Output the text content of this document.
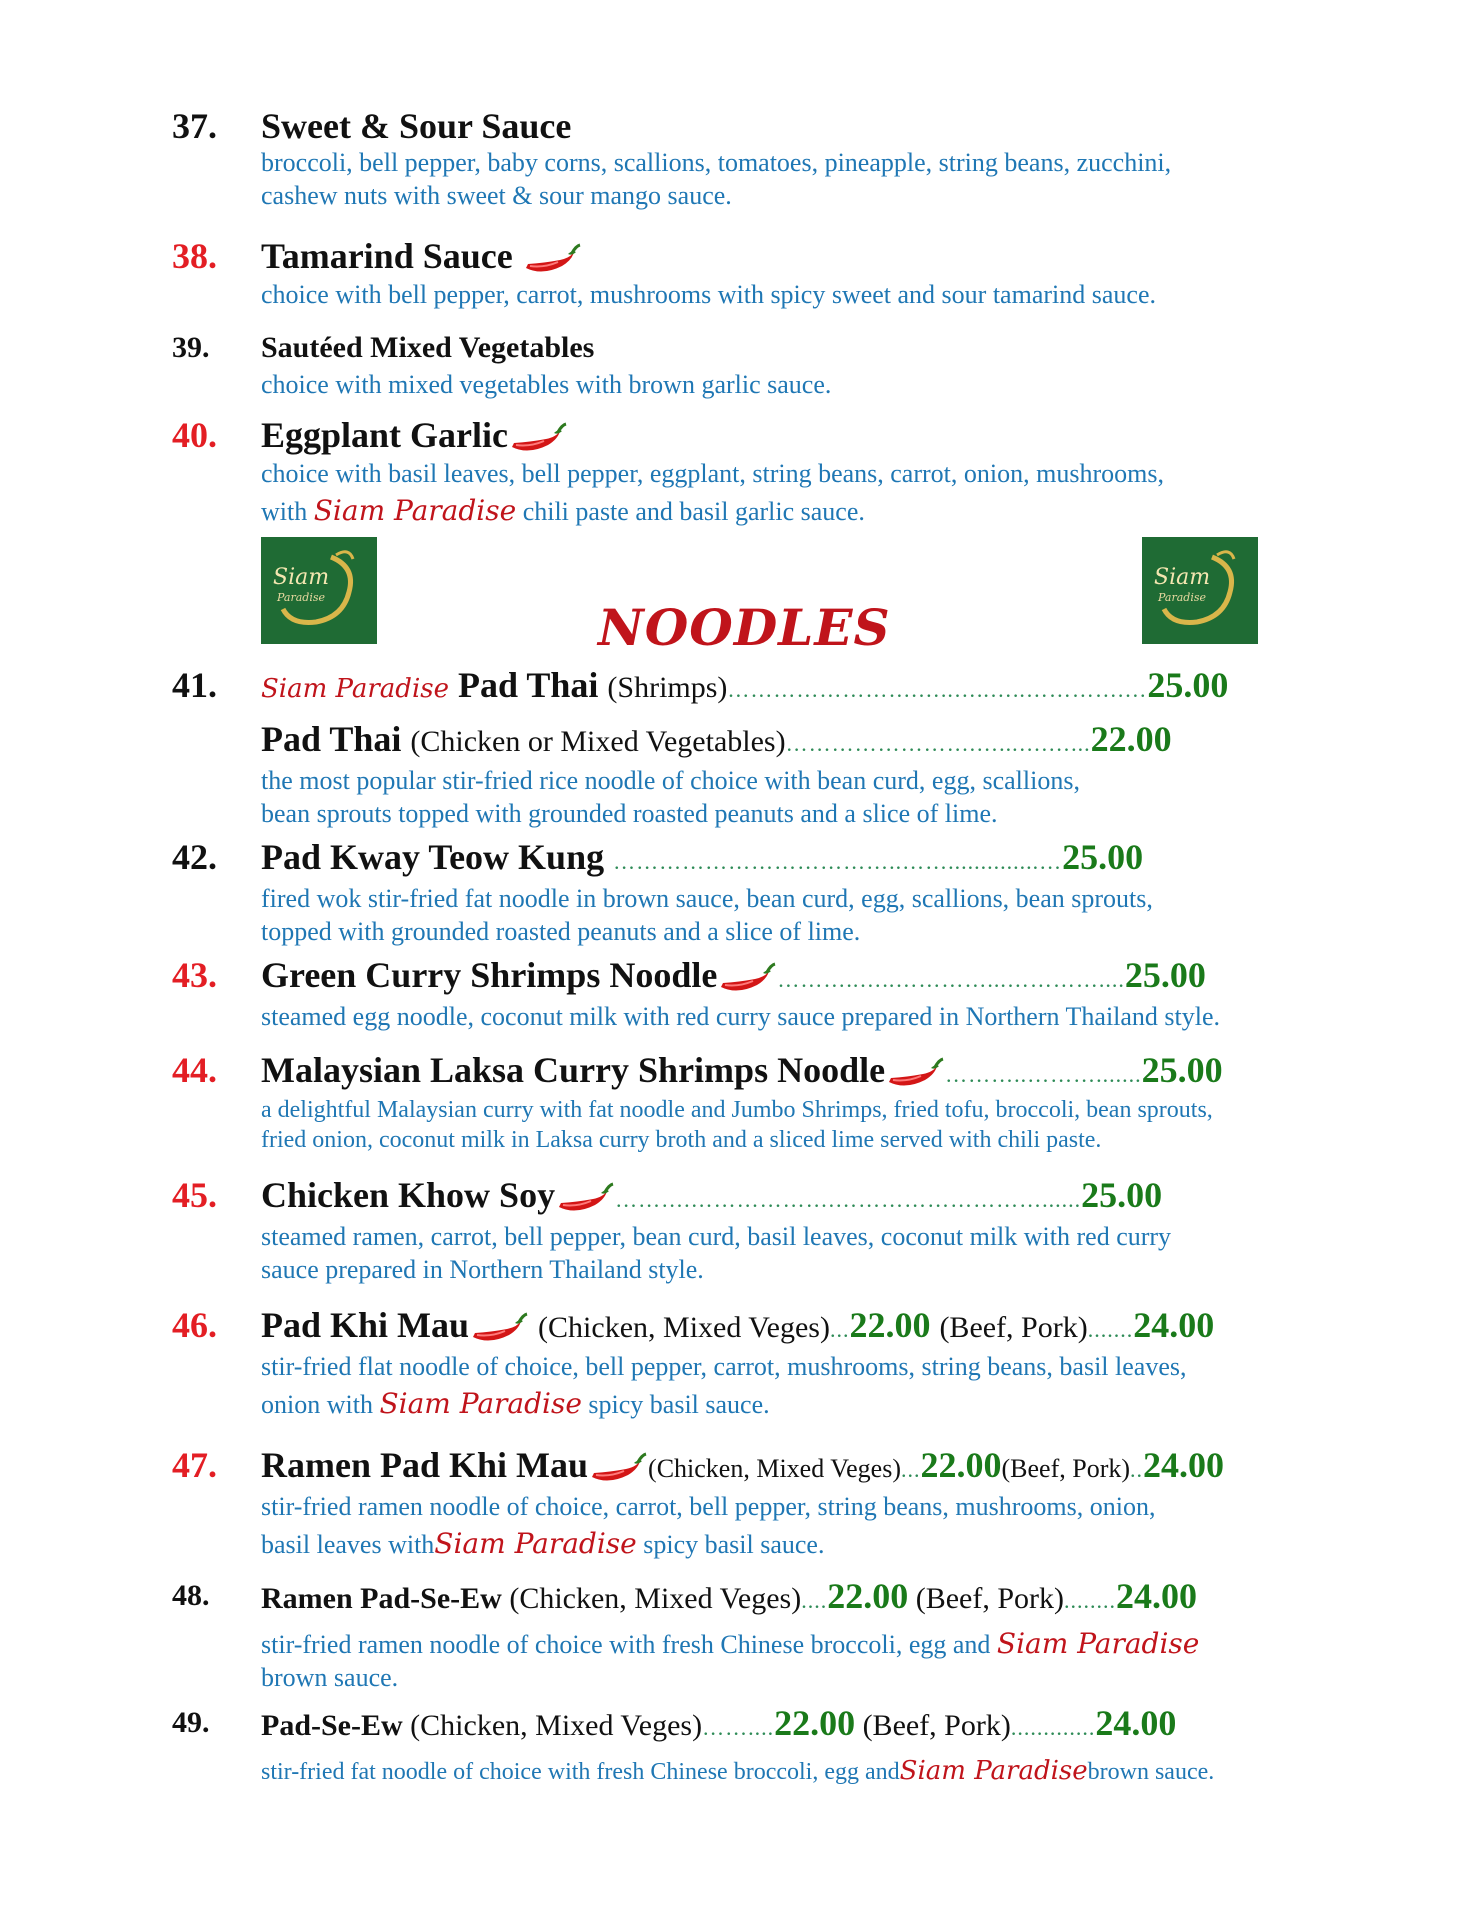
37. Sweet & Sour Sauce
broccoli, bell pepper, baby corns, scallions, tomatoes, pineapple, string beans, zucchini,
cashew nuts with sweet & sour mango sauce.
38. Tamarind Sauce
choice with bell pepper, carrot, mushrooms with spicy sweet and sour tamarind sauce.
39. Sautéed Mixed Vegetables
choice with mixed vegetables with brown garlic sauce.
40. Eggplant Garlic
choice with basil leaves, bell pepper, eggplant, string beans, carrot, onion, mushrooms,
with Siam Paradise chili paste and basil garlic sauce.
Siam
Paradise
NOODLES
Siam
Paradise
41. Siam Paradise Pad Thai (Shrimps)…………………….…..…..…..………….…25.00
Pad Thai (Chicken or Mixed Vegetables)…………………….…...….…...22.00
the most popular stir-fried rice noodle of choice with bean curd, egg, scallions,
bean sprouts topped with grounded roasted peanuts and a slice of lime.
42. Pad Kway Teow Kung ………………………………..……..............…25.00
fired wok stir-fried fat noodle in brown sauce, bean curd, egg, scallions, bean sprouts,
topped with grounded roasted peanuts and a slice of lime.
43. Green Curry Shrimps Noodle	………..…..…………...…………....25.00
steamed egg noodle, coconut milk with red curry sauce prepared in Northern Thailand style.
44. Malaysian Laksa Curry Shrimps Noodle	………..……….......25.00
a delightful Malaysian curry with fat noodle and Jumbo Shrimps, fried tofu, broccoli, bean sprouts,
fried onion, coconut milk in Laksa curry broth and a sliced lime served with chili paste.
45. Chicken Khow Soy	……….……………….………………………......25.00
steamed ramen, carrot, bell pepper, bean curd, basil leaves, coconut milk with red curry
sauce prepared in Northern Thailand style.
46. Pad Khi Mau (Chicken, Mixed Veges)...22.00 (Beef, Pork).......24.00
stir-fried flat noodle of choice, bell pepper, carrot, mushrooms, string beans, basil leaves,
onion with Siam Paradise spicy basil sauce.
47. Ramen Pad Khi Mau (Chicken, Mixed Veges)...22.00(Beef, Pork)..24.00
stir-fried ramen noodle of choice, carrot, bell pepper, string beans, mushrooms, onion,
basil leaves withSiam Paradise spicy basil sauce.
48. Ramen Pad-Se-Ew (Chicken, Mixed Veges)....22.00 (Beef, Pork)........24.00
stir-fried ramen noodle of choice with fresh Chinese broccoli, egg and Siam Paradise
brown sauce.
49. Pad-Se-Ew (Chicken, Mixed Veges)……....22.00 (Beef, Pork).............24.00
stir-fried fat noodle of choice with fresh Chinese broccoli, egg andSiam Paradisebrown sauce.
